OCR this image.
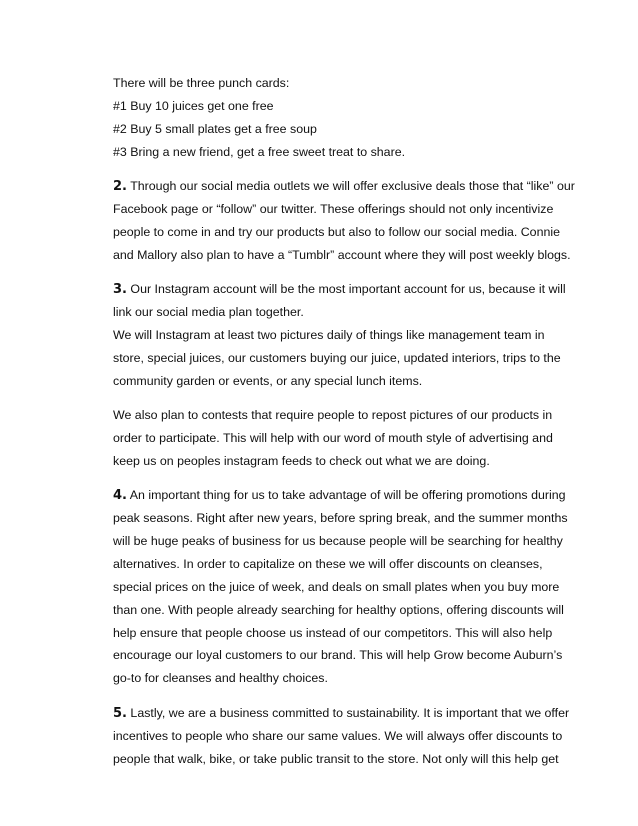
There will be three punch cards:
#1 Buy 10 juices get one free
#2 Buy 5 small plates get a free soup
#3 Bring a new friend, get a free sweet treat to share.
2. Through our social media outlets we will offer exclusive deals those that “like” our
Facebook page or “follow” our twitter. These offerings should not only incentivize
people to come in and try our products but also to follow our social media. Connie
and Mallory also plan to have a “Tumblr” account where they will post weekly blogs.
3. Our Instagram account will be the most important account for us, because it will
link our social media plan together.
We will Instagram at least two pictures daily of things like management team in
store, special juices, our customers buying our juice, updated interiors, trips to the
community garden or events, or any special lunch items.
We also plan to contests that require people to repost pictures of our products in
order to participate. This will help with our word of mouth style of advertising and
keep us on peoples instagram feeds to check out what we are doing.
4. An important thing for us to take advantage of will be offering promotions during
peak seasons. Right after new years, before spring break, and the summer months
will be huge peaks of business for us because people will be searching for healthy
alternatives. In order to capitalize on these we will offer discounts on cleanses,
special prices on the juice of week, and deals on small plates when you buy more
than one. With people already searching for healthy options, offering discounts will
help ensure that people choose us instead of our competitors. This will also help
encourage our loyal customers to our brand. This will help Grow become Auburn’s
go-to for cleanses and healthy choices.
5. Lastly, we are a business committed to sustainability. It is important that we offer
incentives to people who share our same values. We will always offer discounts to
people that walk, bike, or take public transit to the store. Not only will this help get
